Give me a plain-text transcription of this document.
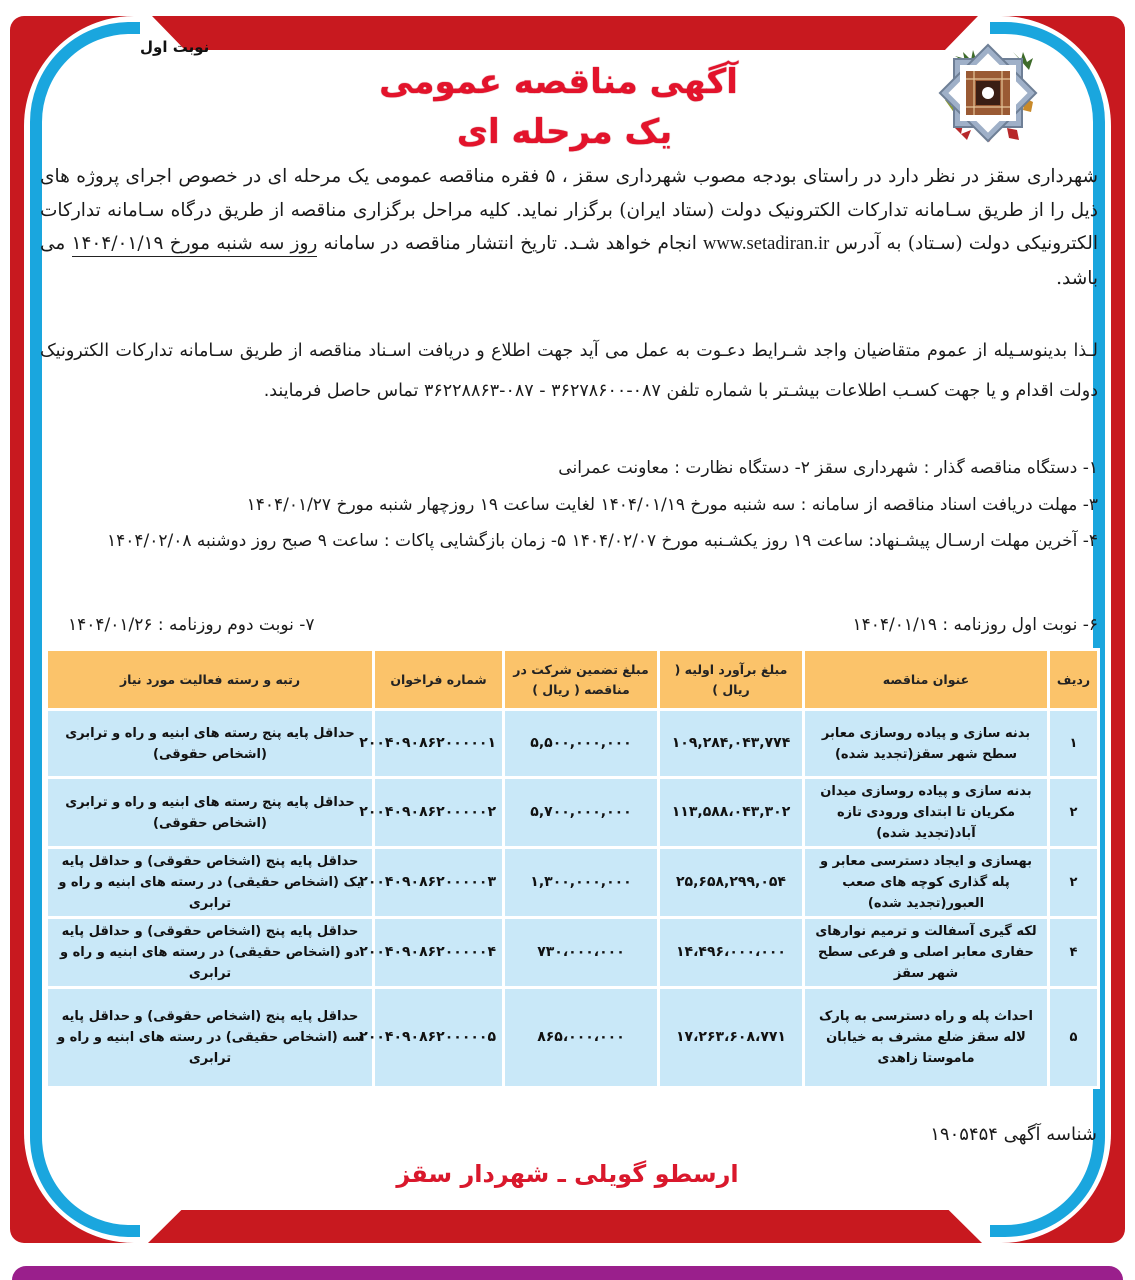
نوبت اول
آگهی مناقصه عمومی
یک مرحله ای
شهرداری سقز در نظر دارد در راستای بودجه مصوب شهرداری سقز ، ۵ فقره مناقصه عمومی یک مرحله ای در خصوص اجرای پروژه های ذیل را از طریق سـامانه تدارکات الکترونیک دولت (ستاد ایران) برگزار نماید. کلیه مراحل برگزاری مناقصه از طریق درگاه سـامانه تدارکات الکترونیکی دولت (سـتاد) به آدرس www.setadiran.ir انجام خواهد شـد. تاریخ انتشار مناقصه در سامانه روز سه شنبه مورخ ۱۴۰۴/۰۱/۱۹ می باشد.
لـذا بدینوسـیله از عموم متقاضیان واجد شـرایط دعـوت به عمل می آید جهت اطلاع و دریافت اسـناد مناقصه از طریق سـامانه تدارکات الکترونیک دولت اقدام و یا جهت کسـب اطلاعات بیشـتر با شماره تلفن ۰۸۷-۳۶۲۷۸۶۰۰ - ۰۸۷-۳۶۲۲۸۸۶۳ تماس حاصل فرمایند.

۱- دستگاه مناقصه گذار : شهرداری سقز ۲- دستگاه نظارت : معاونت عمرانی

۳- مهلت دریافت اسناد مناقصه از سامانه : سه شنبه مورخ ۱۴۰۴/۰۱/۱۹ لغایت ساعت ۱۹ روزچهار شنبه مورخ ۱۴۰۴/۰۱/۲۷

۴- آخرین مهلت ارسـال پیشـنهاد: ساعت ۱۹ روز یکشـنبه مورخ ۱۴۰۴/۰۲/۰۷ ۵- زمان بازگشایی پاکات : ساعت ۹ صبح روز دوشنبه ۱۴۰۴/۰۲/۰۸

۶- نوبت اول روزنامه : ۱۴۰۴/۰۱/۱۹
۷- نوبت دوم روزنامه : ۱۴۰۴/۰۱/۲۶
ردیف	عنوان مناقصه	مبلغ برآورد اولیه ( ریال )	مبلغ تضمین شرکت در مناقصه ( ریال )	شماره فراخوان	رتبه و رسته فعالیت مورد نیاز
۱	بدنه سازی و پیاده روسازی معابر سطح شهر سقز(تجدید شده)	۱۰۹,۲۸۴,۰۴۳,۷۷۴	۵,۵۰۰,۰۰۰,۰۰۰	۲۰۰۴۰۹۰۸۶۲۰۰۰۰۰۱	حداقل پایه پنج رسته های ابنیه و راه و ترابری (اشخاص حقوقی)
۲	بدنه سازی و پیاده روسازی میدان مکریان تا ابتدای ورودی تازه آباد(تجدید شده)	۱۱۳,۵۸۸،۰۴۳,۳۰۲	۵,۷۰۰,۰۰۰,۰۰۰	۲۰۰۴۰۹۰۸۶۲۰۰۰۰۰۲	حداقل پایه پنج رسته های ابنیه و راه و ترابری (اشخاص حقوقی)
۲	بهسازی و ایجاد دسترسی معابر و پله گذاری کوچه های صعب العبور(تجدید شده)	۲۵,۶۵۸,۲۹۹,۰۵۴	۱,۳۰۰,۰۰۰,۰۰۰	۲۰۰۴۰۹۰۸۶۲۰۰۰۰۰۳	حداقل پایه پنج (اشخاص حقوقی) و حداقل پایه یک (اشخاص حقیقی) در رسته های ابنیه و راه و ترابری
۴	لکه گیری آسفالت و ترمیم نوارهای حفاری معابر اصلی و فرعی سطح شهر سقز	۱۴،۴۹۶،۰۰۰،۰۰۰	۷۳۰،۰۰۰،۰۰۰	۲۰۰۴۰۹۰۸۶۲۰۰۰۰۰۴	حداقل پایه پنج (اشخاص حقوقی) و حداقل پایه دو (اشخاص حقیقی) در رسته های ابنیه و راه و ترابری
۵	احداث پله و راه دسترسی به پارک لاله سقز ضلع مشرف به خیابان ماموستا زاهدی	۱۷،۲۶۳،۶۰۸،۷۷۱	۸۶۵،۰۰۰،۰۰۰	۲۰۰۴۰۹۰۸۶۲۰۰۰۰۰۵	حداقل پایه پنج (اشخاص حقوقی) و حداقل پایه سه (اشخاص حقیقی) در رسته های ابنیه و راه و ترابری
شناسه آگهی ۱۹۰۵۴۵۴
ارسطو گویلی ـ شهردار سقز
